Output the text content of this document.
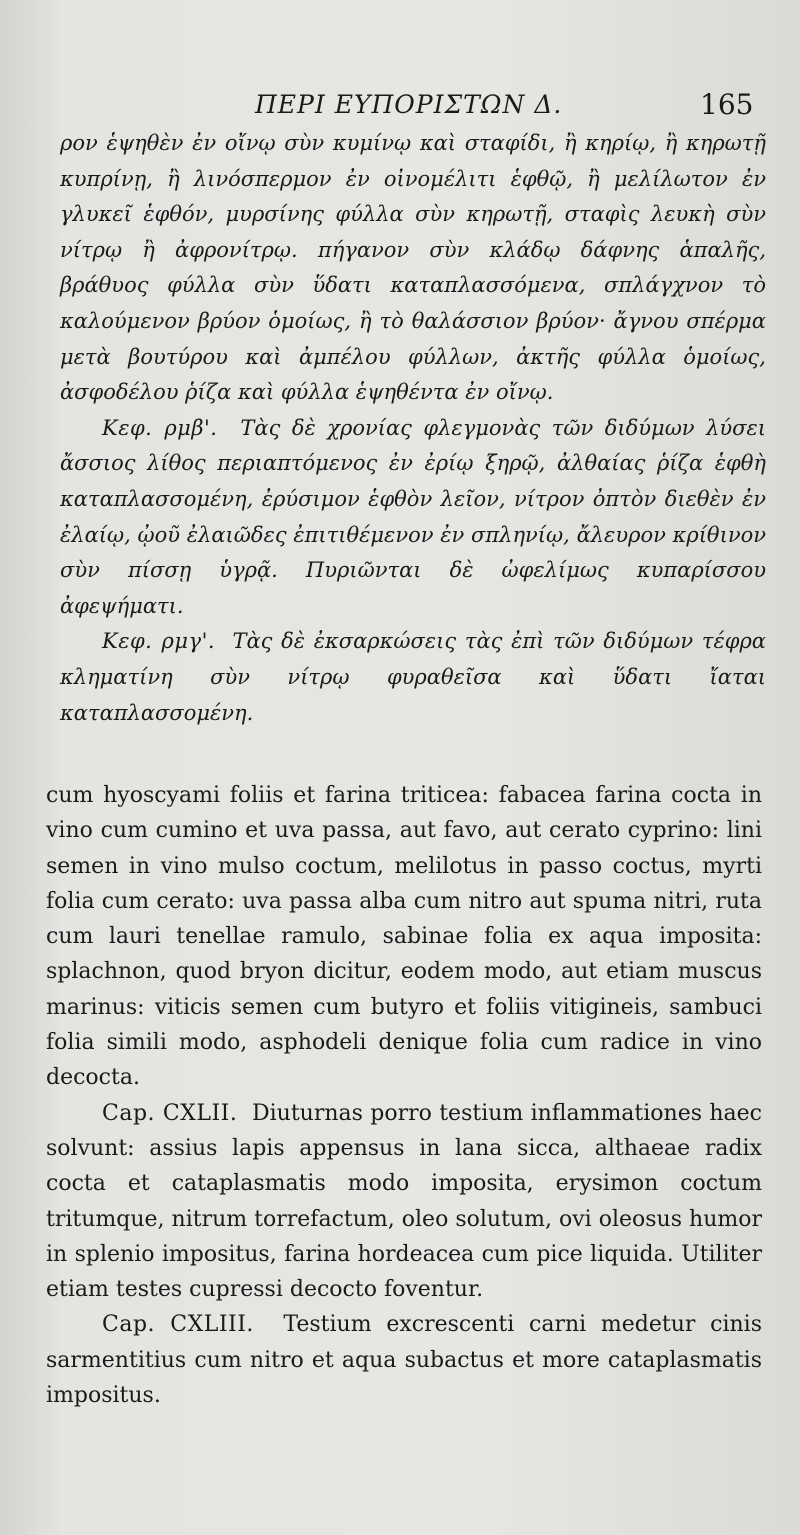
ΠΕΡΙ ΕΥΠΟΡΙΣΤΩΝ Δ.	165

ρον ἑψηθὲν ἐν οἴνῳ σὺν κυμίνῳ καὶ σταφίδι, ἢ κηρίῳ, ἢ κηρωτῇ κυπρίνῃ, ἢ λινόσπερμον ἐν οἰνομέλιτι ἑφθῷ, ἢ μελίλωτον ἐν γλυκεῖ ἑφθόν, μυρσίνης φύλλα σὺν κηρωτῇ, σταφὶς λευκὴ σὺν νίτρῳ ἢ ἀφρονίτρῳ. πήγανον σὺν κλάδῳ δάφνης ἁπαλῆς, βράθυος φύλλα σὺν ὕδατι καταπλασσόμενα, σπλάγχνον τὸ καλούμενον βρύον ὁμοίως, ἢ τὸ θαλάσσιον βρύον· ἄγνου σπέρμα μετὰ βουτύρου καὶ ἀμπέλου φύλλων, ἀκτῆς φύλλα ὁμοίως, ἀσφοδέλου ῥίζα καὶ φύλλα ἑψηθέντα ἐν οἴνῳ.

Κεφ. ρμβ'. Τὰς δὲ χρονίας φλεγμονὰς τῶν διδύμων λύσει ἄσσιος λίθος περιαπτόμενος ἐν ἐρίῳ ξηρῷ, ἀλθαίας ῥίζα ἑφθὴ καταπλασσομένη, ἐρύσιμον ἑφθὸν λεῖον, νίτρον ὀπτὸν διεθὲν ἐν ἐλαίῳ, ᾠοῦ ἐλαιῶδες ἐπιτιθέμενον ἐν σπληνίῳ, ἄλευρον κρίθινον σὺν πίσσῃ ὑγρᾷ. Πυριῶνται δὲ ὠφελίμως κυπαρίσσου ἀφεψήματι.

Κεφ. ρμγ'. Τὰς δὲ ἐκσαρκώσεις τὰς ἐπὶ τῶν διδύμων τέφρα κληματίνη σὺν νίτρῳ φυραθεῖσα καὶ ὕδατι ἴαται καταπλασσομένη.

cum hyoscyami foliis et farina triticea: fabacea farina cocta in vino cum cumino et uva passa, aut favo, aut cerato cyprino: lini semen in vino mulso coctum, melilotus in passo coctus, myrti folia cum cerato: uva passa alba cum nitro aut spuma nitri, ruta cum lauri tenellae ramulo, sabinae folia ex aqua imposita: splachnon, quod bryon dicitur, eodem modo, aut etiam muscus marinus: viticis semen cum butyro et foliis vitigineis, sambuci folia simili modo, asphodeli denique folia cum radice in vino decocta.

Cap. CXLII. Diuturnas porro testium inflammationes haec solvunt: assius lapis appensus in lana sicca, althaeae radix cocta et cataplasmatis modo imposita, erysimon coctum tritumque, nitrum torrefactum, oleo solutum, ovi oleosus humor in splenio impositus, farina hordeacea cum pice liquida. Utiliter etiam testes cupressi decocto foventur.

Cap. CXLIII. Testium excrescenti carni medetur cinis sarmentitius cum nitro et aqua subactus et more cataplasmatis impositus.
